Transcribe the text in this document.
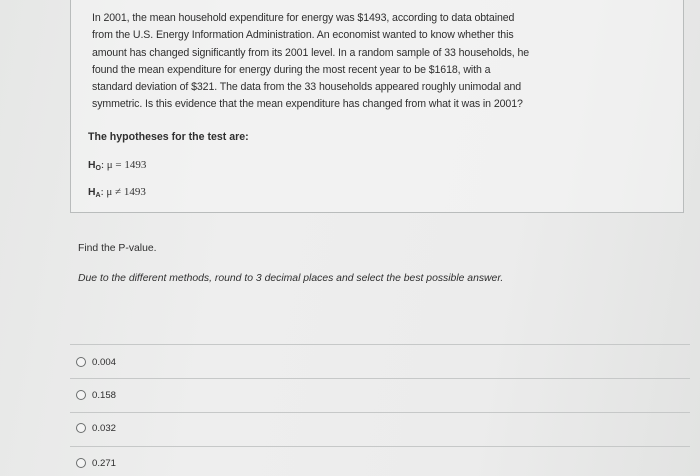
In 2001, the mean household expenditure for energy was $1493, according to data obtained
from the U.S. Energy Information Administration. An economist wanted to know whether this
amount has changed significantly from its 2001 level. In a random sample of 33 households, he
found the mean expenditure for energy during the most recent year to be $1618, with a
standard deviation of $321. The data from the 33 households appeared roughly unimodal and
symmetric. Is this evidence that the mean expenditure has changed from what it was in 2001?
The hypotheses for the test are:
$H_O$: μ = 1493
$H_A$: μ ≠ 1493
Find the P-value.
Due to the different methods, round to 3 decimal places and select the best possible answer.
0.004
0.158
0.032
0.271
